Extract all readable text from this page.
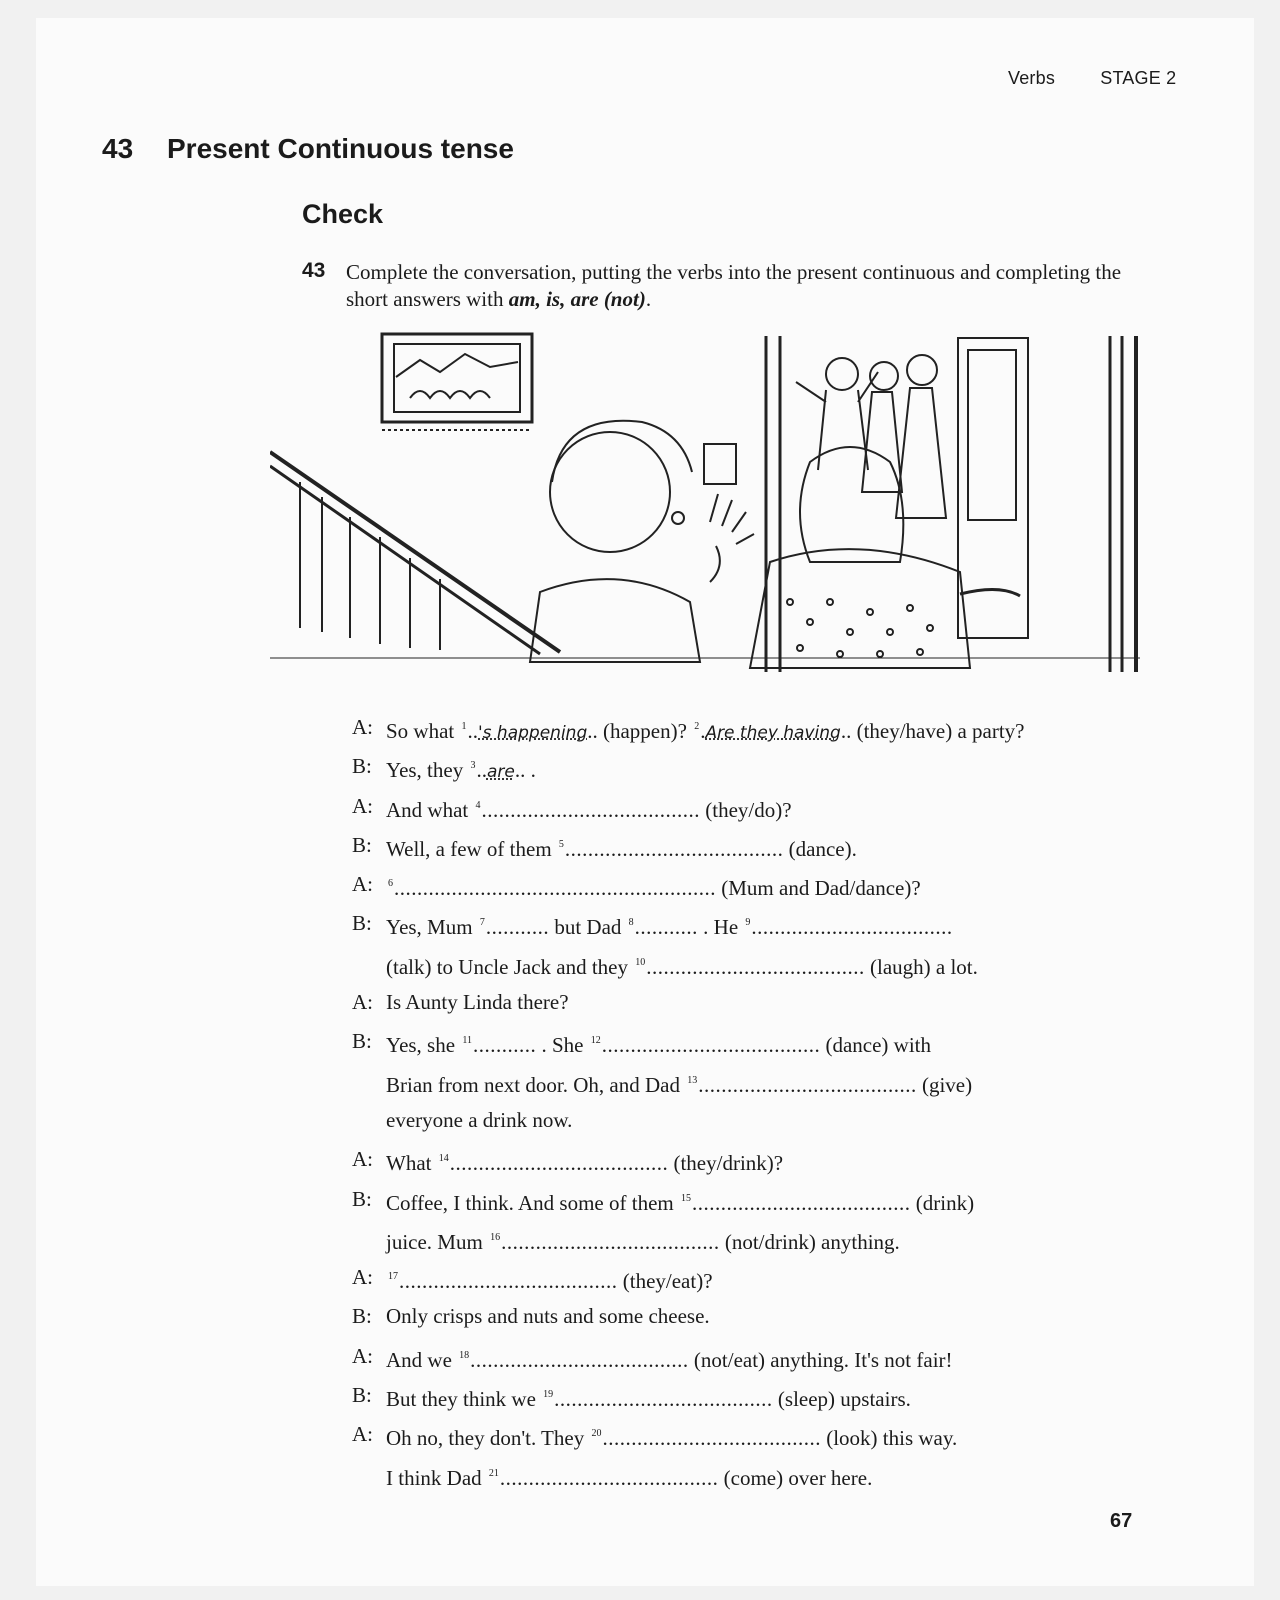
Verbs	STAGE 2
43 Present Continuous tense
Check
43 Complete the conversation, putting the verbs into the present continuous and completing the short answers with am, is, are (not).
A: So what $^1$..'s happening.. (happen)? $^2$.Are they having.. (they/have) a party?
B: Yes, they $^3$..are.. .
A: And what $^4$...................................... (they/do)?
B: Well, a few of them $^5$...................................... (dance).
A: $^6$........................................................ (Mum and Dad/dance)?
B: Yes, Mum $^7$........... but Dad $^8$........... . He $^9$...................................
(talk) to Uncle Jack and they $^{10}$...................................... (laugh) a lot.
A: Is Aunty Linda there?
B: Yes, she $^{11}$........... . She $^{12}$...................................... (dance) with
Brian from next door. Oh, and Dad $^{13}$...................................... (give)
everyone a drink now.
A: What $^{14}$...................................... (they/drink)?
B: Coffee, I think. And some of them $^{15}$...................................... (drink)
juice. Mum $^{16}$...................................... (not/drink) anything.
A: $^{17}$...................................... (they/eat)?
B: Only crisps and nuts and some cheese.
A: And we $^{18}$...................................... (not/eat) anything. It's not fair!
B: But they think we $^{19}$...................................... (sleep) upstairs.
A: Oh no, they don't. They $^{20}$...................................... (look) this way.
I think Dad $^{21}$...................................... (come) over here.
67
